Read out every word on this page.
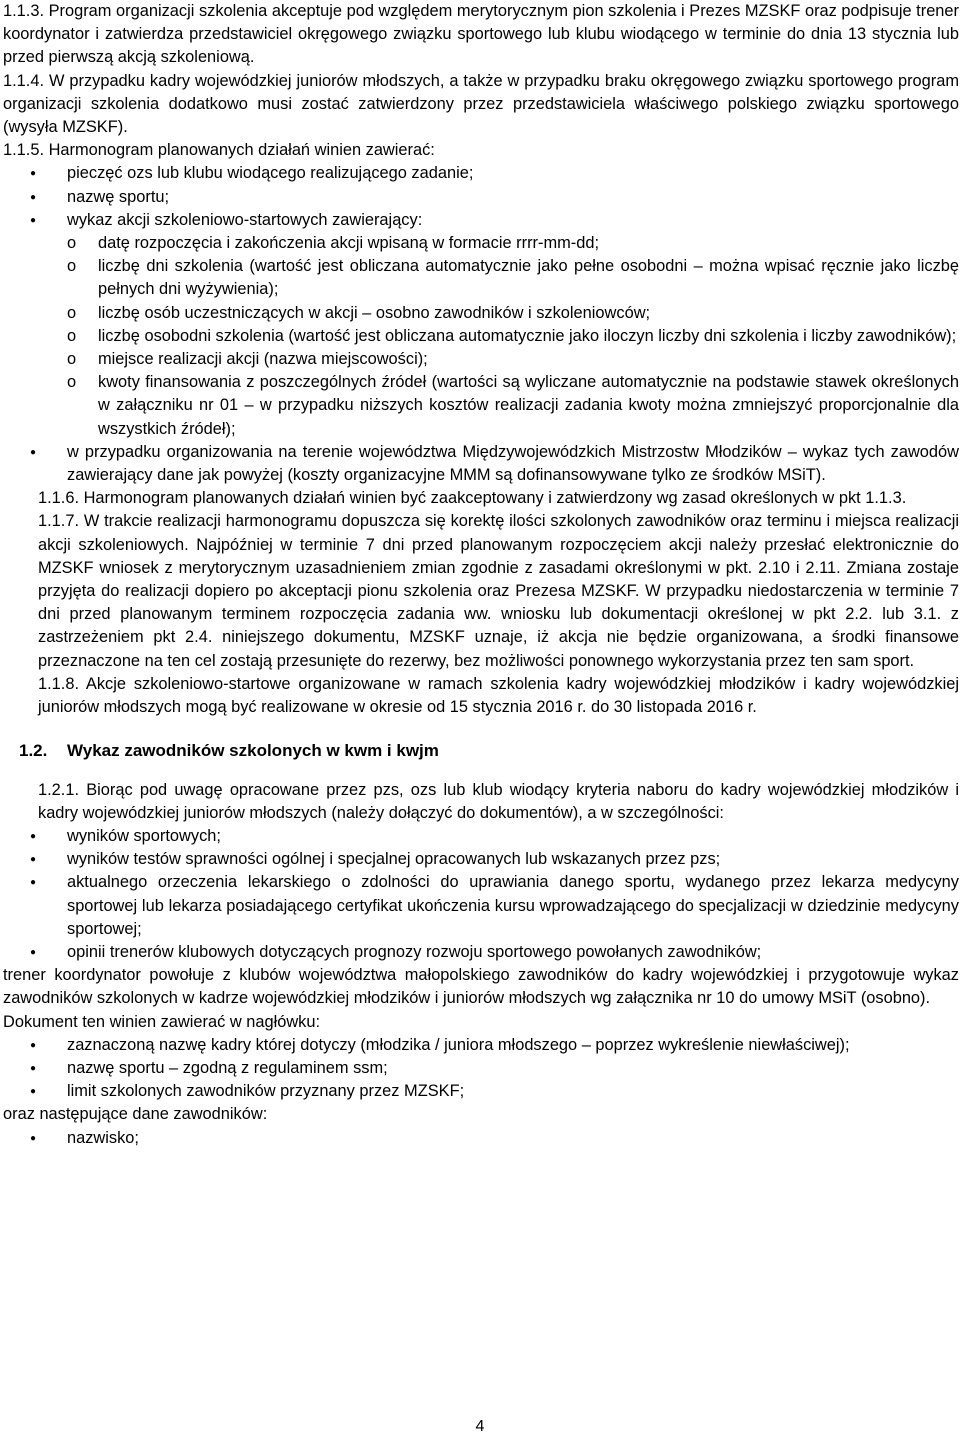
1.1.3. Program organizacji szkolenia akceptuje pod względem merytorycznym pion szkolenia i Prezes MZSKF oraz podpisuje trener koordynator i zatwierdza przedstawiciel okręgowego związku sportowego lub klubu wiodącego w terminie do dnia 13 stycznia lub przed pierwszą akcją szkoleniową.

1.1.4. W przypadku kadry wojewódzkiej juniorów młodszych, a także w przypadku braku okręgowego związku sportowego program organizacji szkolenia dodatkowo musi zostać zatwierdzony przez przedstawiciela właściwego polskiego związku sportowego (wysyła MZSKF).

1.1.5. Harmonogram planowanych działań winien zawierać:

● pieczęć ozs lub klubu wiodącego realizującego zadanie;

● nazwę sportu;

● wykaz akcji szkoleniowo-startowych zawierający:

o datę rozpoczęcia i zakończenia akcji wpisaną w formacie rrrr-mm-dd;

o liczbę dni szkolenia (wartość jest obliczana automatycznie jako pełne osobodni – można wpisać ręcznie jako liczbę pełnych dni wyżywienia);

o liczbę osób uczestniczących w akcji – osobno zawodników i szkoleniowców;

o liczbę osobodni szkolenia (wartość jest obliczana automatycznie jako iloczyn liczby dni szkolenia i liczby zawodników);

o miejsce realizacji akcji (nazwa miejscowości);

o kwoty finansowania z poszczególnych źródeł (wartości są wyliczane automatycznie na podstawie stawek określonych w załączniku nr 01 – w przypadku niższych kosztów realizacji zadania kwoty można zmniejszyć proporcjonalnie dla wszystkich źródeł);

● w przypadku organizowania na terenie województwa Międzywojewódzkich Mistrzostw Młodzików – wykaz tych zawodów zawierający dane jak powyżej (koszty organizacyjne MMM są dofinansowywane tylko ze środków MSiT).

1.1.6. Harmonogram planowanych działań winien być zaakceptowany i zatwierdzony wg zasad określonych w pkt 1.1.3.

1.1.7. W trakcie realizacji harmonogramu dopuszcza się korektę ilości szkolonych zawodników oraz terminu i miejsca realizacji akcji szkoleniowych. Najpóźniej w terminie 7 dni przed planowanym rozpoczęciem akcji należy przesłać elektronicznie do MZSKF wniosek z merytorycznym uzasadnieniem zmian zgodnie z zasadami określonymi w pkt. 2.10 i 2.11. Zmiana zostaje przyjęta do realizacji dopiero po akceptacji pionu szkolenia oraz Prezesa MZSKF. W przypadku niedostarczenia w terminie 7 dni przed planowanym terminem rozpoczęcia zadania ww. wniosku lub dokumentacji określonej w pkt 2.2. lub 3.1. z zastrzeżeniem pkt 2.4. niniejszego dokumentu, MZSKF uznaje, iż akcja nie będzie organizowana, a środki finansowe przeznaczone na ten cel zostają przesunięte do rezerwy, bez możliwości ponownego wykorzystania przez ten sam sport.

1.1.8. Akcje szkoleniowo-startowe organizowane w ramach szkolenia kadry wojewódzkiej młodzików i kadry wojewódzkiej juniorów młodszych mogą być realizowane w okresie od 15 stycznia 2016 r. do 30 listopada 2016 r.

1.2. Wykaz zawodników szkolonych w kwm i kwjm

1.2.1. Biorąc pod uwagę opracowane przez pzs, ozs lub klub wiodący kryteria naboru do kadry wojewódzkiej młodzików i kadry wojewódzkiej juniorów młodszych (należy dołączyć do dokumentów), a w szczególności:

● wyników sportowych;

● wyników testów sprawności ogólnej i specjalnej opracowanych lub wskazanych przez pzs;

● aktualnego orzeczenia lekarskiego o zdolności do uprawiania danego sportu, wydanego przez lekarza medycyny sportowej lub lekarza posiadającego certyfikat ukończenia kursu wprowadzającego do specjalizacji w dziedzinie medycyny sportowej;

● opinii trenerów klubowych dotyczących prognozy rozwoju sportowego powołanych zawodników;

trener koordynator powołuje z klubów województwa małopolskiego zawodników do kadry wojewódzkiej i przygotowuje wykaz zawodników szkolonych w kadrze wojewódzkiej młodzików i juniorów młodszych wg załącznika nr 10 do umowy MSiT (osobno).

Dokument ten winien zawierać w nagłówku:

● zaznaczoną nazwę kadry której dotyczy (młodzika / juniora młodszego – poprzez wykreślenie niewłaściwej);

● nazwę sportu – zgodną z regulaminem ssm;

● limit szkolonych zawodników przyznany przez MZSKF;

oraz następujące dane zawodników:

● nazwisko;

4
